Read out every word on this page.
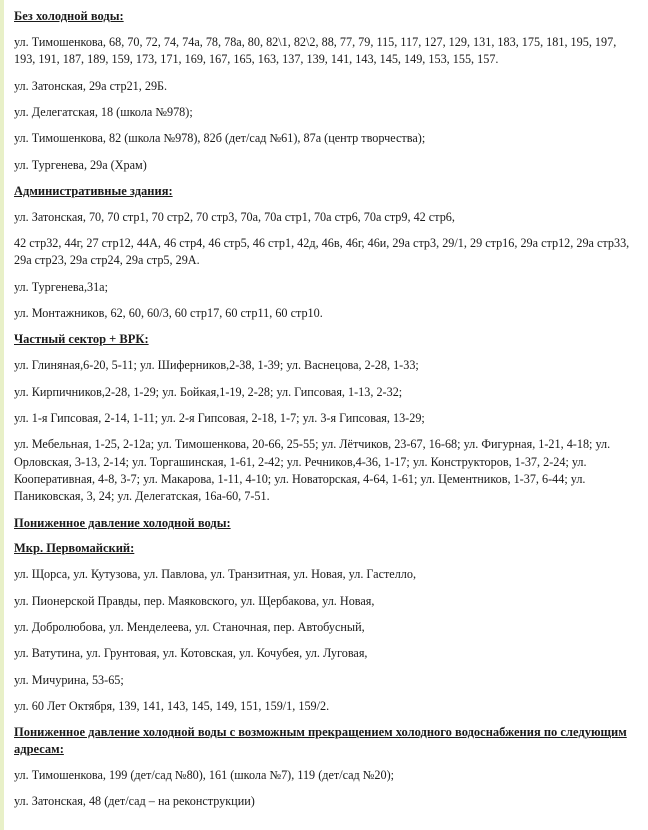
Без холодной воды:

ул. Тимошенкова, 68, 70, 72, 74, 74а, 78, 78а, 80, 82\1, 82\2, 88, 77, 79, 115, 117, 127, 129, 131, 183, 175, 181, 195, 197, 193, 191, 187, 189, 159, 173, 171, 169, 167, 165, 163, 137, 139, 141, 143, 145, 149, 153, 155, 157.

ул. Затонская, 29а стр21, 29Б.

ул. Делегатская, 18 (школа №978);

ул. Тимошенкова, 82 (школа №978), 82б (дет/сад №61), 87а (центр творчества);

ул. Тургенева, 29а (Храм)

Административные здания:

ул. Затонская, 70, 70 стр1, 70 стр2, 70 стр3, 70а, 70а стр1, 70а стр6, 70а стр9, 42 стр6,

42 стр32, 44г, 27 стр12, 44А, 46 стр4, 46 стр5, 46 стр1, 42д, 46в, 46г, 46и, 29а стр3, 29/1, 29 стр16, 29а стр12, 29а стр33, 29а стр23, 29а стр24, 29а стр5, 29А.

ул. Тургенева,31а;

ул. Монтажников, 62, 60, 60/3, 60 стр17, 60 стр11, 60 стр10.

Частный сектор + ВРК:

ул. Глиняная,6-20, 5-11; ул. Шиферников,2-38, 1-39; ул. Васнецова, 2-28, 1-33;

ул. Кирпичников,2-28, 1-29; ул. Бойкая,1-19, 2-28; ул. Гипсовая, 1-13, 2-32;

ул. 1-я Гипсовая, 2-14, 1-11; ул. 2-я Гипсовая, 2-18, 1-7; ул. 3-я Гипсовая, 13-29;

ул. Мебельная, 1-25, 2-12а; ул. Тимошенкова, 20-66, 25-55; ул. Лётчиков, 23-67, 16-68; ул. Фигурная, 1-21, 4-18; ул. Орловская, 3-13, 2-14; ул. Торгашинская, 1-61, 2-42; ул. Речников,4-36, 1-17; ул. Конструкторов, 1-37, 2-24; ул. Кооперативная, 4-8, 3-7; ул. Макарова, 1-11, 4-10; ул. Новаторская, 4-64, 1-61; ул. Цементников, 1-37, 6-44; ул. Паниковская, 3, 24; ул. Делегатская, 16а-60, 7-51.

Пониженное давление холодной воды:
Мкр. Первомайский:

ул. Щорса, ул. Кутузова, ул. Павлова, ул. Транзитная, ул. Новая, ул. Гастелло,

ул. Пионерской Правды, пер. Маяковского, ул. Щербакова, ул. Новая,

ул. Добролюбова, ул. Менделеева, ул. Станочная, пер. Автобусный,

ул. Ватутина, ул. Грунтовая, ул. Котовская, ул. Кочубея, ул. Луговая,

ул. Мичурина, 53-65;

ул. 60 Лет Октября, 139, 141, 143, 145, 149, 151, 159/1, 159/2.

Пониженное давление холодной воды с возможным прекращением холодного водоснабжения по следующим адресам:

ул. Тимошенкова, 199 (дет/сад №80), 161 (школа №7), 119 (дет/сад №20);

ул. Затонская, 48 (дет/сад – на реконструкции)
